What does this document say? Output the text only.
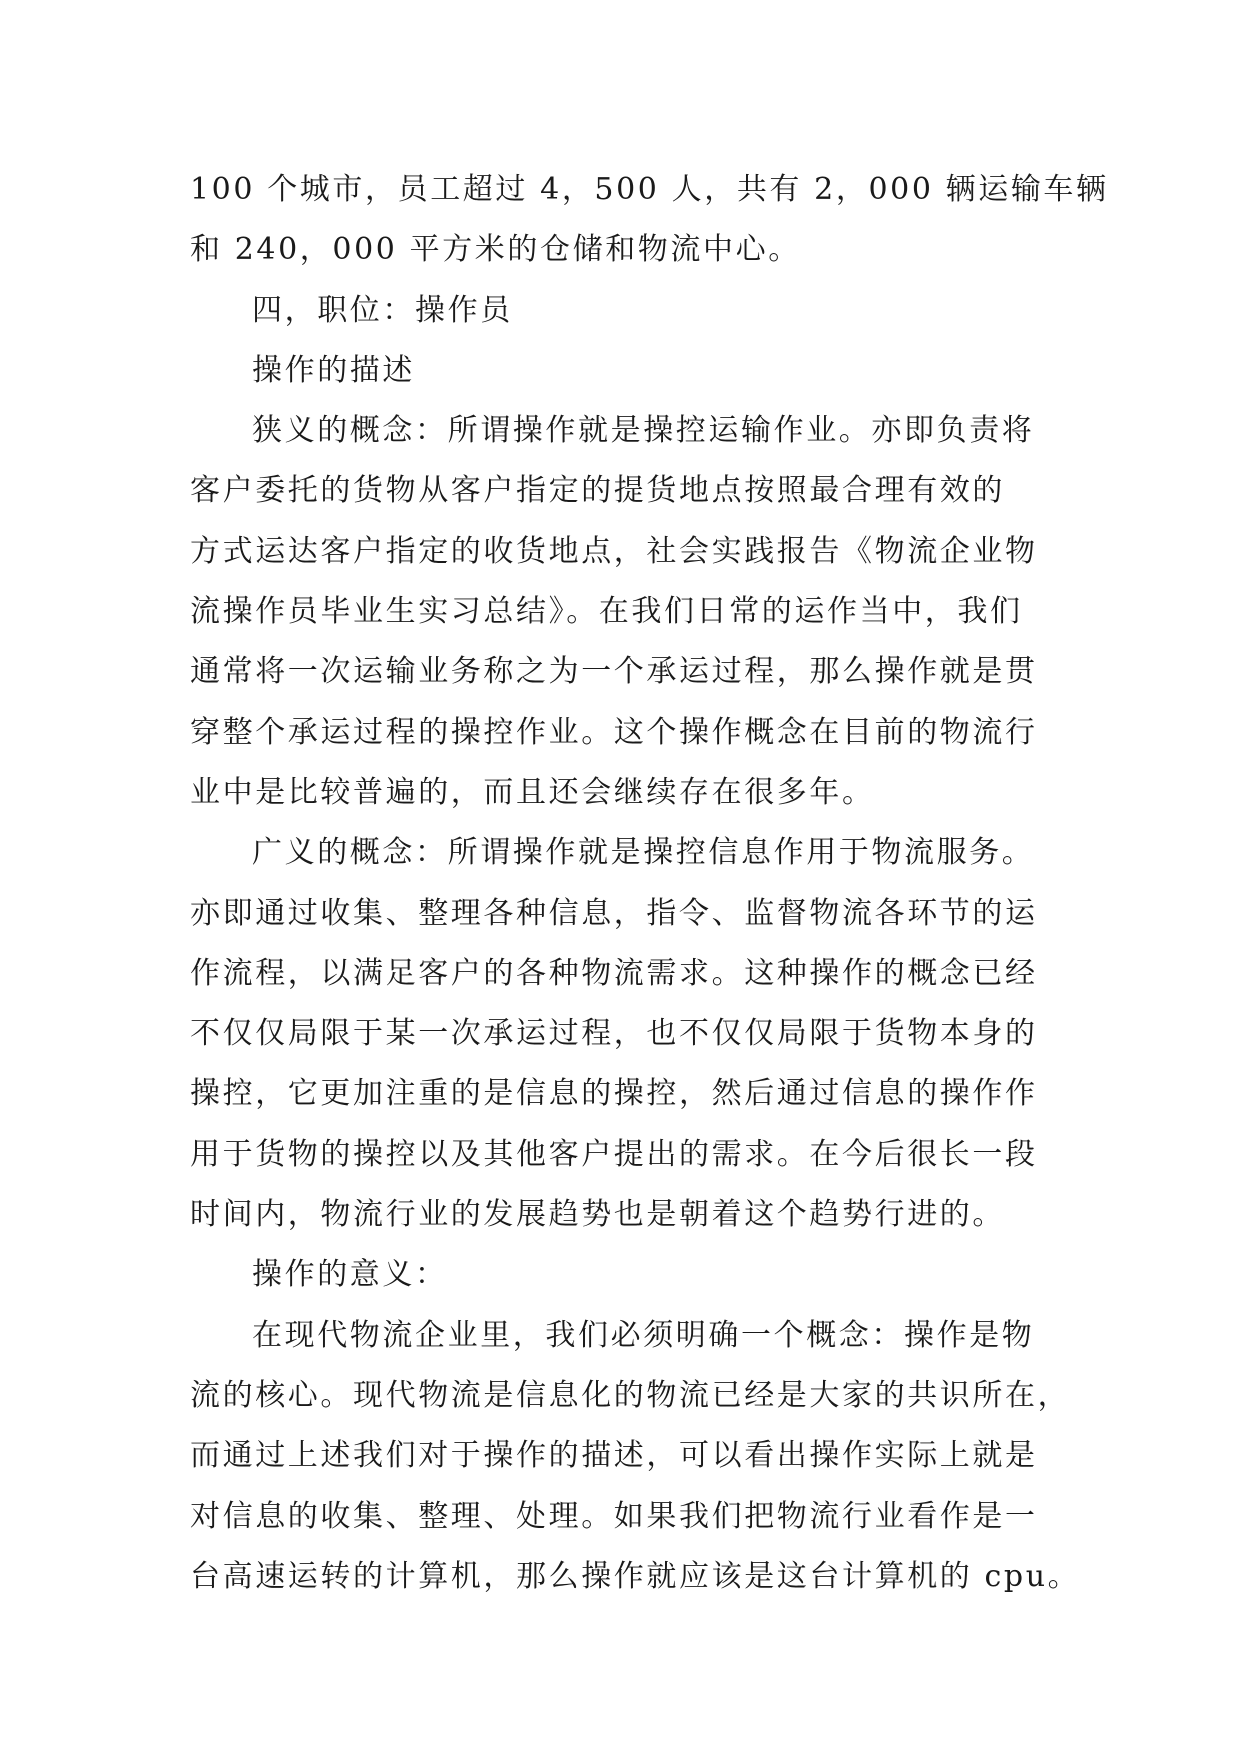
100 个城市，员工超过 4，500 人，共有 2，000 辆运输车辆
和 240，000 平方米的仓储和物流中心。
四，职位：操作员
操作的描述
狭义的概念：所谓操作就是操控运输作业。亦即负责将
客户委托的货物从客户指定的提货地点按照最合理有效的
方式运达客户指定的收货地点，社会实践报告《物流企业物
流操作员毕业生实习总结》。在我们日常的运作当中，我们
通常将一次运输业务称之为一个承运过程，那么操作就是贯
穿整个承运过程的操控作业。这个操作概念在目前的物流行
业中是比较普遍的，而且还会继续存在很多年。
广义的概念：所谓操作就是操控信息作用于物流服务。
亦即通过收集、整理各种信息，指令、监督物流各环节的运
作流程，以满足客户的各种物流需求。这种操作的概念已经
不仅仅局限于某一次承运过程，也不仅仅局限于货物本身的
操控，它更加注重的是信息的操控，然后通过信息的操作作
用于货物的操控以及其他客户提出的需求。在今后很长一段
时间内，物流行业的发展趋势也是朝着这个趋势行进的。
操作的意义：
在现代物流企业里，我们必须明确一个概念：操作是物
流的核心。现代物流是信息化的物流已经是大家的共识所在，
而通过上述我们对于操作的描述，可以看出操作实际上就是
对信息的收集、整理、处理。如果我们把物流行业看作是一
台高速运转的计算机，那么操作就应该是这台计算机的 cpu。
